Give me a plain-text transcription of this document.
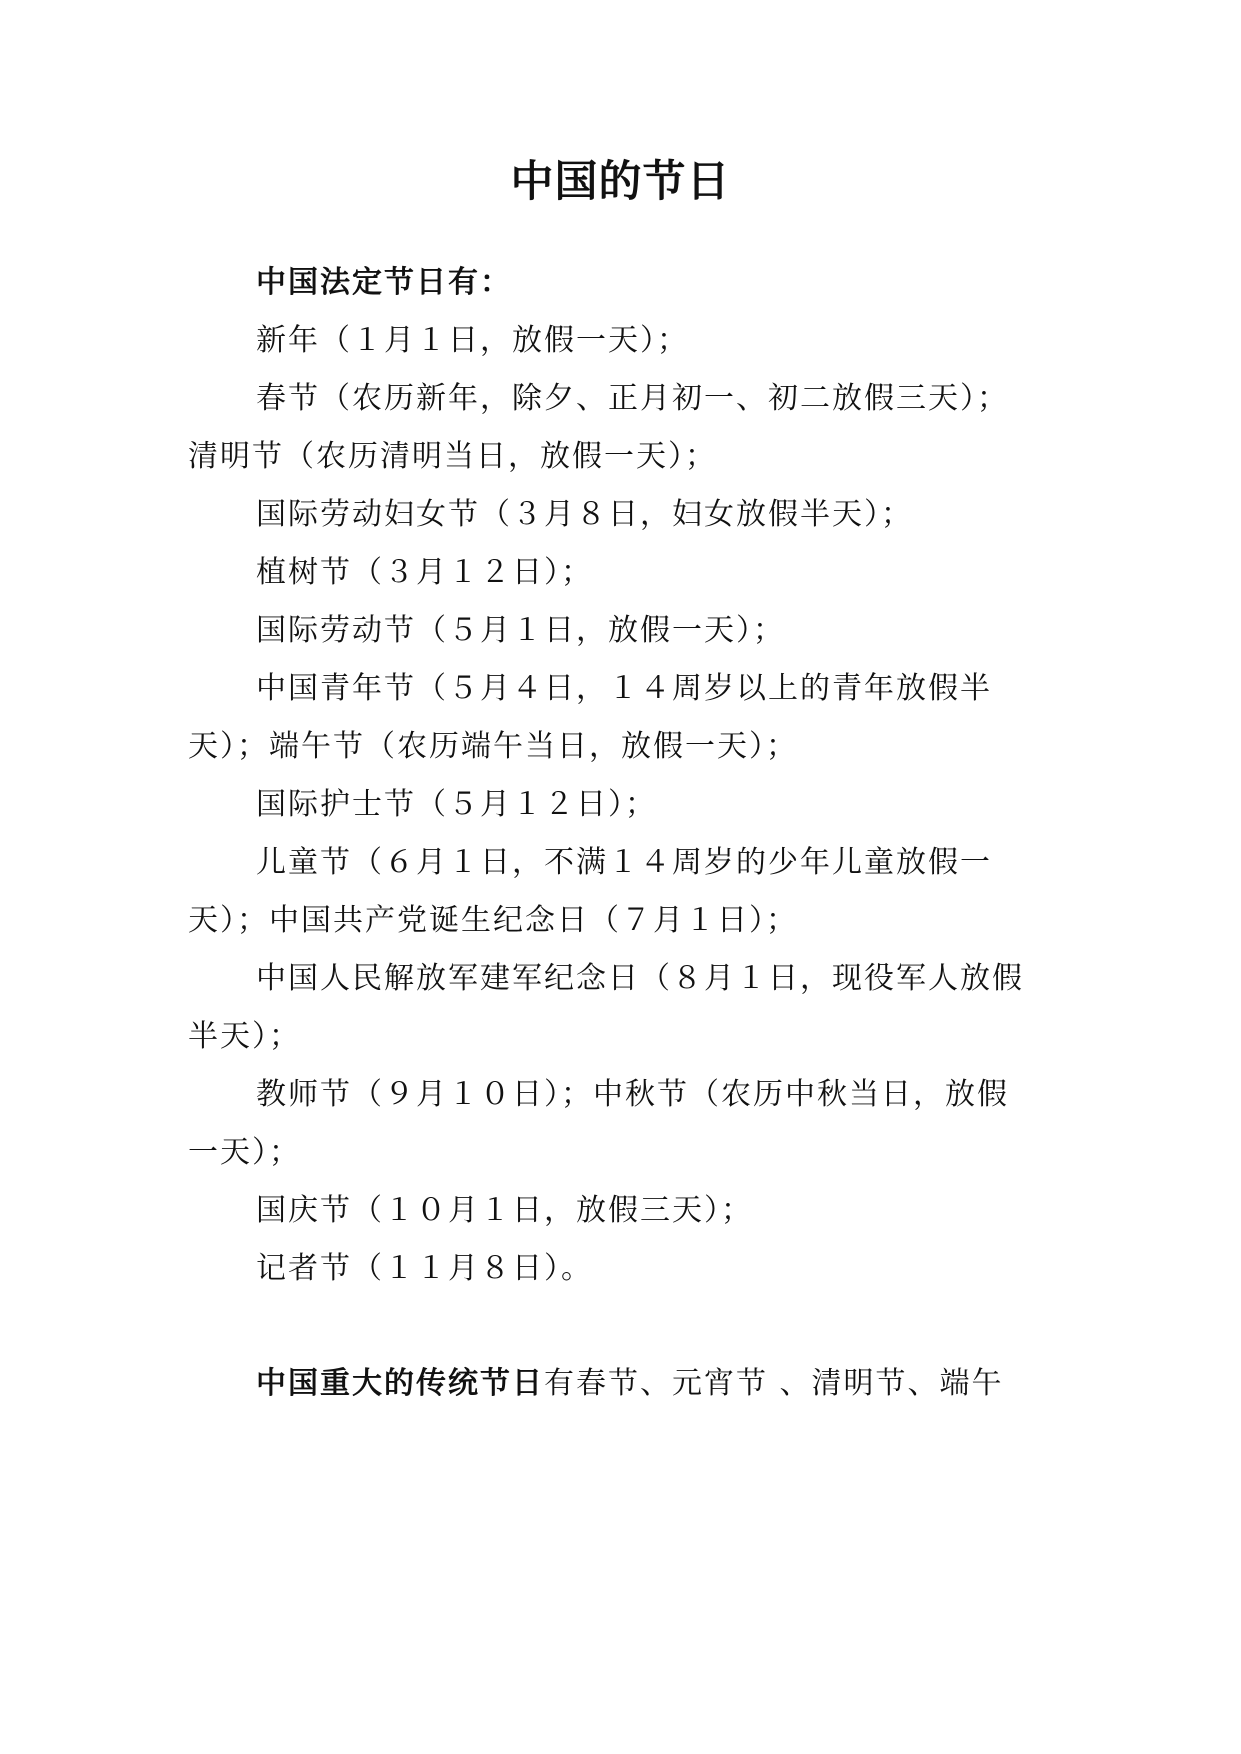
中国的节日
中国法定节日有：
新年（１月１日，放假一天）；
春节（农历新年，除夕、正月初一、初二放假三天）；
清明节（农历清明当日，放假一天）；
国际劳动妇女节（３月８日，妇女放假半天）；
植树节（３月１２日）；
国际劳动节（５月１日，放假一天）；
中国青年节（５月４日，１４周岁以上的青年放假半
天）；端午节（农历端午当日，放假一天）；
国际护士节（５月１２日）；
儿童节（６月１日，不满１４周岁的少年儿童放假一
天）；中国共产党诞生纪念日（７月１日）；
中国人民解放军建军纪念日（８月１日，现役军人放假
半天）；
教师节（９月１０日）；中秋节（农历中秋当日，放假
一天）；
国庆节（１０月１日，放假三天）；
记者节（１１月８日）。
中国重大的传统节日有春节、元宵节 、清明节、端午
